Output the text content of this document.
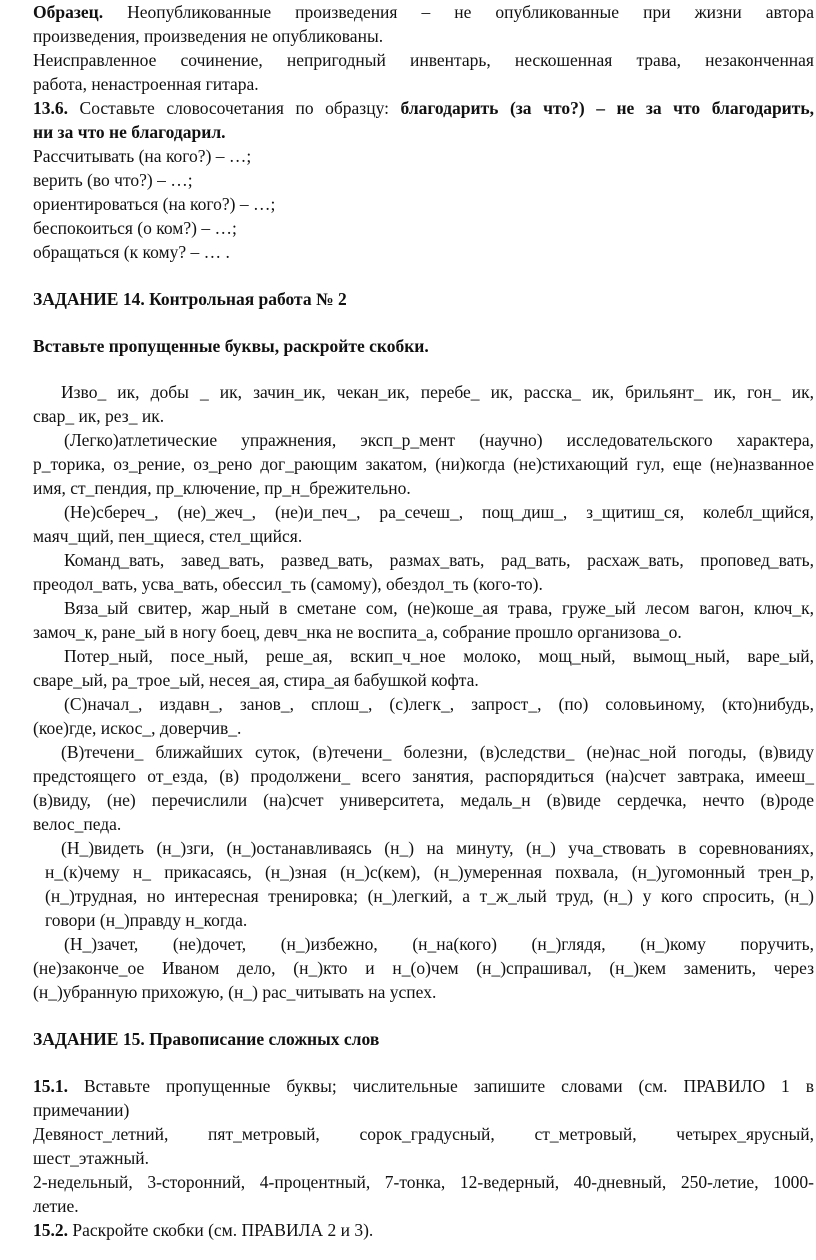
Образец. Неопубликованные произведения – не опубликованные при жизни автора
произведения, произведения не опубликованы.
Неисправленное сочинение, непригодный инвентарь, нескошенная трава, незаконченная
работа, ненастроенная гитара.
13.6. Составьте словосочетания по образцу: благодарить (за что?) – не за что благодарить,
ни за что не благодарил.
Рассчитывать (на кого?) – …;
верить (во что?) – …;
ориентироваться (на кого?) – …;
беспокоиться (о ком?) – …;
обращаться (к кому? – … .
ЗАДАНИЕ 14. Контрольная работа № 2
Вставьте пропущенные буквы, раскройте скобки.
Изво_ ик, добы _ ик, зачин_ик, чекан_ик, перебе_ ик, расска_ ик, брильянт_ ик, гон_ ик,
свар_ ик, рез_ ик.
(Легко)атлетические упражнения, эксп_р_мент (научно) исследовательского характера,
р_торика, оз_рение, оз_рено дог_рающим закатом, (ни)когда (не)стихающий гул, еще (не)названное
имя, ст_пендия, пр_ключение, пр_н_брежительно.
(Не)сбереч_, (не)_жеч_, (не)и_печ_, ра_сечеш_, пощ_диш_, з_щитиш_ся, колебл_щийся,
маяч_щий, пен_щиеся, стел_щийся.
Команд_вать, завед_вать, развед_вать, размах_вать, рад_вать, расхаж_вать, проповед_вать,
преодол_вать, усва_вать, обессил_ть (самому), обездол_ть (кого-то).
Вяза_ый свитер, жар_ный в сметане сом, (не)коше_ая трава, груже_ый лесом вагон, ключ_к,
замоч_к, ране_ый в ногу боец, девч_нка не воспита_а, собрание прошло организова_о.
Потер_ный, посе_ный, реше_ая, вскип_ч_ное молоко, мощ_ный, вымощ_ный, варе_ый,
сваре_ый, ра_трое_ый, несея_ая, стира_ая бабушкой кофта.
(С)начал_, издавн_, занов_, сплош_, (с)легк_, запрост_, (по) соловьиному, (кто)нибудь,
(кое)где, искос_, доверчив_.
(В)течени_ ближайших суток, (в)течени_ болезни, (в)следстви_ (не)нас_ной погоды, (в)виду
предстоящего от_езда, (в) продолжени_ всего занятия, распорядиться (на)счет завтрака, имееш_
(в)виду, (не) перечислили (на)счет университета, медаль_н (в)виде сердечка, нечто (в)роде
велос_педа.
(Н_)видеть (н_)зги, (н_)останавливаясь (н_) на минуту, (н_) уча_ствовать в соревнованиях,
н_(к)чему н_ прикасаясь, (н_)зная (н_)с(кем), (н_)умеренная похвала, (н_)угомонный трен_р,
(н_)трудная, но интересная тренировка; (н_)легкий, а т_ж_лый труд, (н_) у кого спросить, (н_)
говори (н_)правду н_когда.
(Н_)зачет, (не)дочет, (н_)избежно, (н_на(кого) (н_)глядя, (н_)кому поручить,
(не)законче_ое Иваном дело, (н_)кто и н_(о)чем (н_)спрашивал, (н_)кем заменить, через
(н_)убранную прихожую, (н_) рас_читывать на успех.
ЗАДАНИЕ 15. Правописание сложных слов
15.1. Вставьте пропущенные буквы; числительные запишите словами (см. ПРАВИЛО 1 в
примечании)
Девяност_летний, пят_метровый, сорок_градусный, ст_метровый, четырех_ярусный,
шест_этажный.
2-недельный, 3-сторонний, 4-процентный, 7-тонка, 12-ведерный, 40-дневный, 250-летие, 1000-
летие.
15.2. Раскройте скобки (см. ПРАВИЛА 2 и 3).
